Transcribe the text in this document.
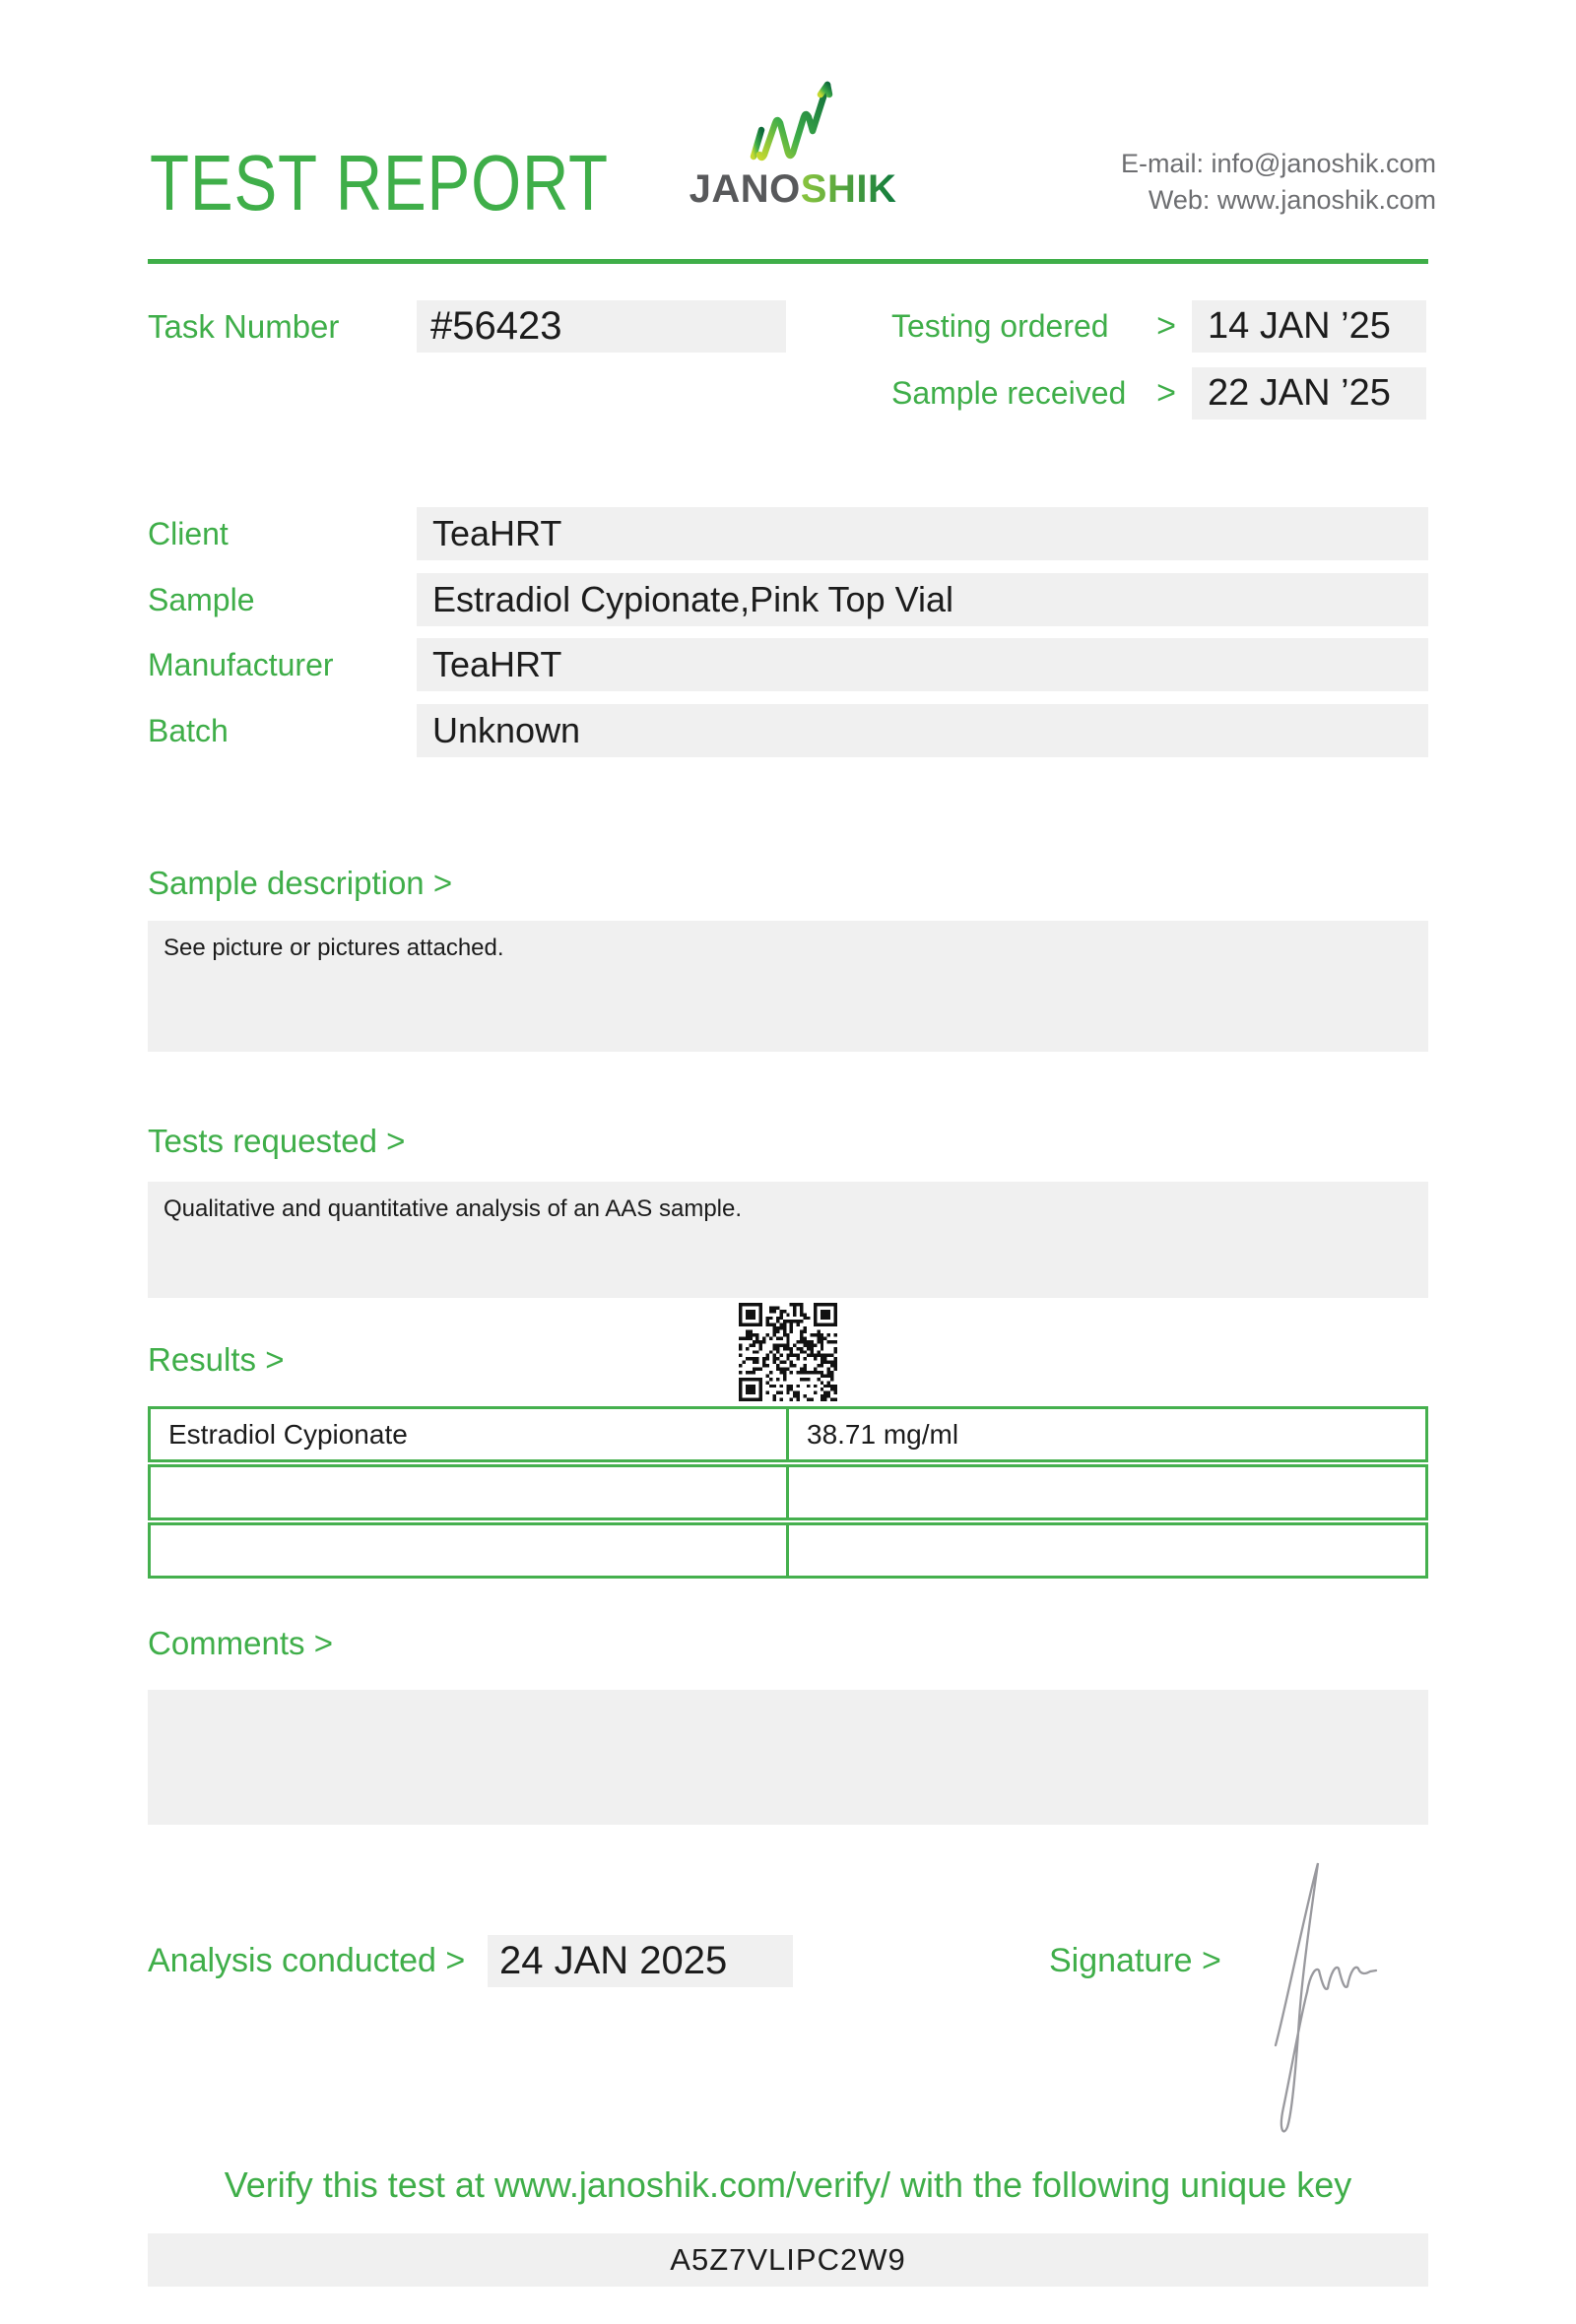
TEST REPORT JANOSHIK
E-mail: info@janoshik.com
Web: www.janoshik.com
Task Number	#56423	Testing ordered	> 14 JAN ’25
Sample received > 22 JAN ’25
Client	TeaHRT
Sample	Estradiol Cypionate,Pink Top Vial
Manufacturer	TeaHRT
Batch	Unknown
Sample description >
See picture or pictures attached.
Tests requested >
Qualitative and quantitative analysis of an AAS sample.
Results >
Estradiol Cypionate	38.71 mg/ml
Comments >
Analysis conducted > 24 JAN 2025	Signature >
Verify this test at www.janoshik.com/verify/ with the following unique key
A5Z7VLIPC2W9
